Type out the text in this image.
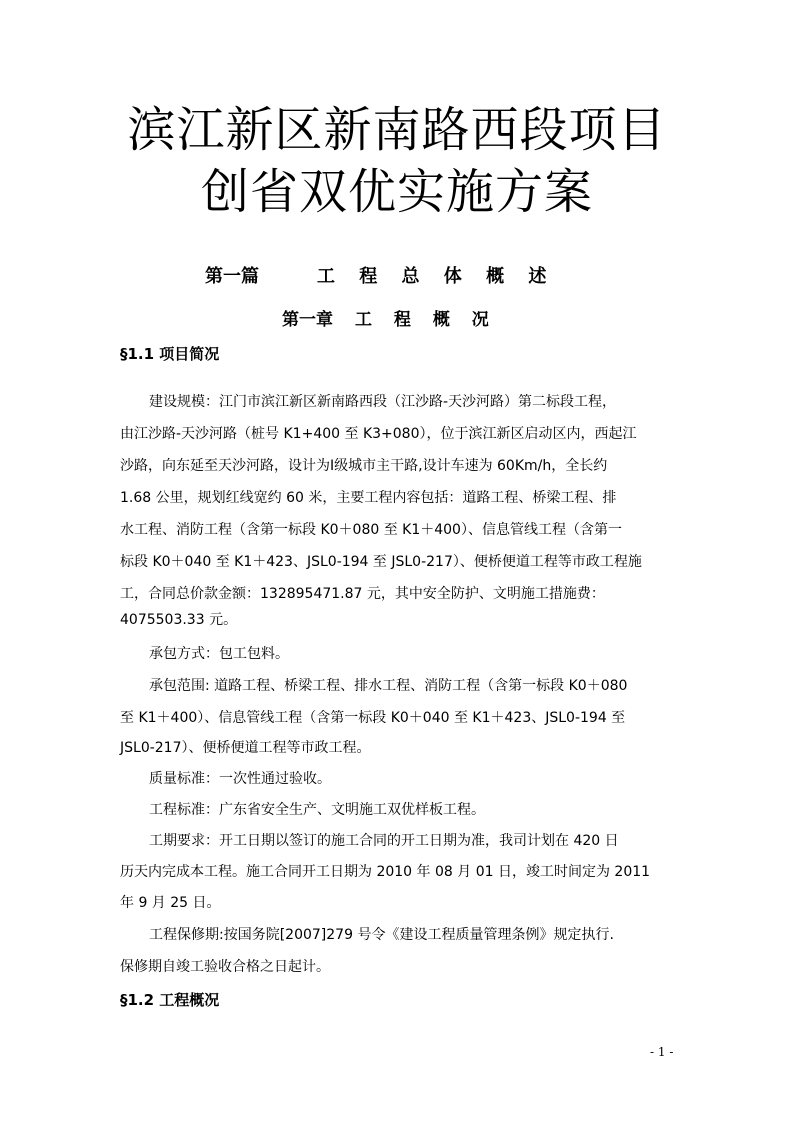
滨江新区新南路西段项目
创省双优实施方案
第一篇	工 程 总 体 概 述
第一章 工 程 概 况
§1.1 项目简况
建设规模：江门市滨江新区新南路西段（江沙路-天沙河路）第二标段工程，
由江沙路-天沙河路（桩号 K1+400 至 K3+080），位于滨江新区启动区内，西起江
沙路，向东延至天沙河路，设计为Ⅰ级城市主干路,设计车速为 60Km/h，全长约
1.68 公里，规划红线宽约 60 米，主要工程内容包括：道路工程、桥梁工程、排
水工程、消防工程（含第一标段 K0＋080 至 K1＋400）、信息管线工程（含第一
标段 K0＋040 至 K1＋423、JSL0-194 至 JSL0-217）、便桥便道工程等市政工程施
工，合同总价款金额：132895471.87 元，其中安全防护、文明施工措施费：
4075503.33 元。
承包方式：包工包料。
承包范围: 道路工程、桥梁工程、排水工程、消防工程（含第一标段 K0＋080
至 K1＋400）、信息管线工程（含第一标段 K0＋040 至 K1＋423、JSL0-194 至
JSL0-217）、便桥便道工程等市政工程。
质量标准：一次性通过验收。
工程标准：广东省安全生产、文明施工双优样板工程。
工期要求：开工日期以签订的施工合同的开工日期为准，我司计划在 420 日
历天内完成本工程。施工合同开工日期为 2010 年 08 月 01 日，竣工时间定为 2011
年 9 月 25 日。
工程保修期:按国务院[2007]279 号令《建设工程质量管理条例》规定执行.
保修期自竣工验收合格之日起计。
§1.2 工程概况
- 1 -
